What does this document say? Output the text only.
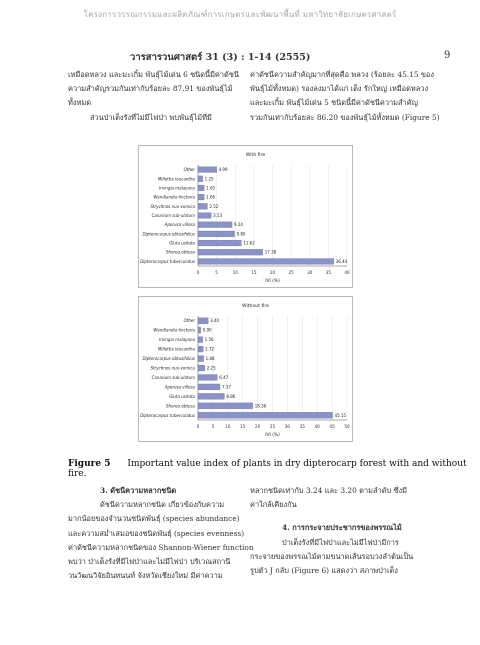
โครงการวรรณกรรมและผลิตภัณฑ์การเกษตรและพัฒนาพื้นที่ มหาวิทยาลัยเกษตรศาสตร์
วารสารวนศาสตร์ 31 (3) : 1-14 (2555)	9

เหมือดหลวง และมะเกิ้ม พันธุ์ไม้เด่น 6 ชนิดนี้มีค่าดัชนี

ความสำคัญรวมกันเท่ากับร้อยละ 87.91 ของพันธุ์ไม้

ทั้งหมด

ส่วนป่าเต็งรังที่ไม่มีไฟป่า พบพันธุ์ไม้ที่มี

ค่าดัชนีความสำคัญมากที่สุดคือ พลวง (ร้อยละ 45.15 ของ

พันธุ์ไม้ทั้งหมด) รองลงมาได้แก่ เต็ง รักใหญ่ เหมือดหลวง

และมะเกิ้ม พันธุ์ไม้เด่น 5 ชนิดนี้มีค่าดัชนีความสำคัญ

รวมกันเท่ากับร้อยละ 86.20 ของพันธุ์ไม้ทั้งหมด (Figure 5)

With fire
0	5	10	15	20	25	30	35	40
IVI (%)
Other	4.99
Millettia leucantha 1.25
Irvingia malayana	1.65
Wendlandia tinctoria	1.66
Strychnos nux-vomica	2.52
Canarium sub-ulatum	3.53
Aporusa villosa	9.14
Dipterocarpus obtusifolius	9.80
Gluta usitata	11.62
Shorea obtusa	17.38
Dipterocarpus tuberculatus	36.44
Without fire
0	5	10 15 20 25 30 35 40 45 50
IVI (%)
Other	3.40
Wendlandia tinctoria 0.90
Irvingia malayana 1.56
Millettia leucantha	1.72
Dipterocarpus obtusifolius	1.88
Strychnos nux-vomica	2.25
Canarium sub-ulatum	6.47
Aporusa villosa	7.37
Gluta usitata	8.86
Shorea obtusa	18.36
Dipterocarpus tuberculatus	45.15
Figure 5 Important value index of plants in dry dipterocarp forest with and without fire.

3. ดัชนีความหลากชนิด

ดัชนีความหลากชนิด เกี่ยวข้องกับความ

มากน้อยของจำนวนชนิดพันธุ์ (species abundance)

และความสม่ำเสมอของชนิดพันธุ์ (species evenness)

ค่าดัชนีความหลากชนิดของ Shannon-Wiener function

พบว่า ป่าเต็งรังที่มีไฟป่าและไม่มีไฟป่า บริเวณสถานี

วนวัฒนวิจัยอินทนนท์ จังหวัดเชียงใหม่ มีค่าความ

หลากชนิดเท่ากับ 3.24 และ 3.20 ตามลำดับ ซึ่งมี

ค่าใกล้เคียงกัน

4. การกระจายประชากรของพรรณไม้

ป่าเต็งรังที่มีไฟป่าและไม่มีไฟป่ามีการ

กระจายของพรรณไม้ตามขนาดเส้นรอบวงลำต้นเป็น

รูปตัว J กลับ (Figure 6) แสดงว่า สภาพป่าเต็ง
